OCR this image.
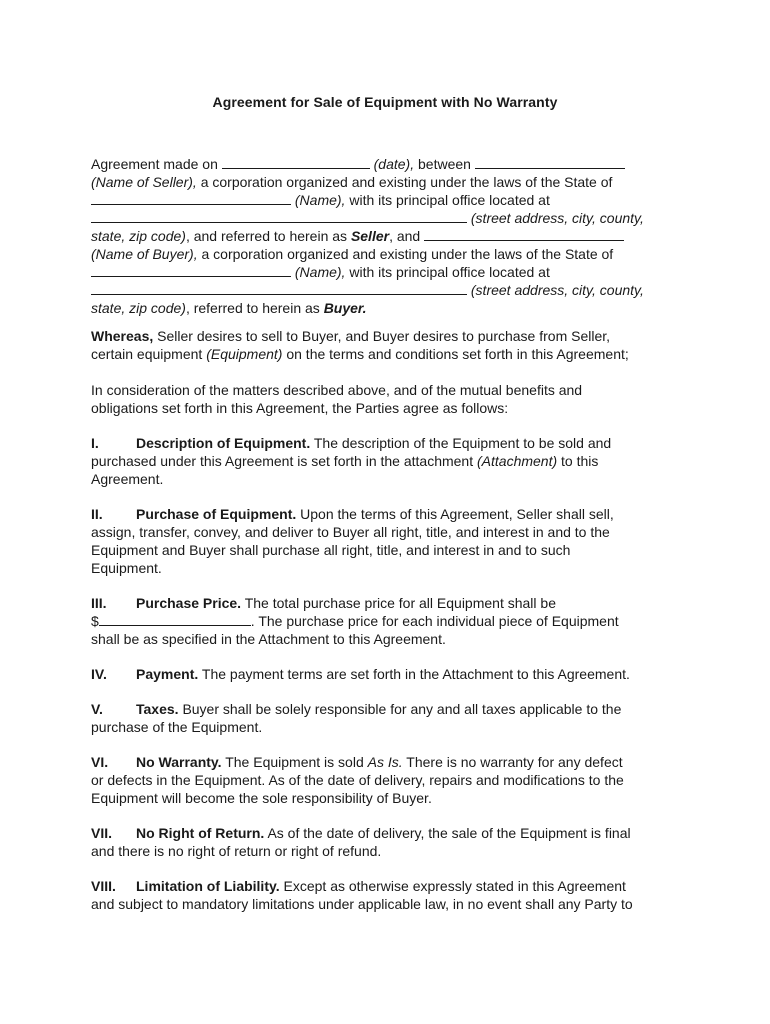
Agreement for Sale of Equipment with No Warranty
Agreement made on	(date), between
(Name of Seller), a corporation organized and existing under the laws of the State of
(Name), with its principal office located at
(street address, city, county,
state, zip code), and referred to herein as Seller, and
(Name of Buyer), a corporation organized and existing under the laws of the State of
(Name), with its principal office located at
(street address, city, county,
state, zip code), referred to herein as Buyer.
Whereas, Seller desires to sell to Buyer, and Buyer desires to purchase from Seller,
certain equipment (Equipment) on the terms and conditions set forth in this Agreement;
In consideration of the matters described above, and of the mutual benefits and
obligations set forth in this Agreement, the Parties agree as follows:
I.	Description of Equipment. The description of the Equipment to be sold and
purchased under this Agreement is set forth in the attachment (Attachment) to this
Agreement.
II. Purchase of Equipment. Upon the terms of this Agreement, Seller shall sell,
assign, transfer, convey, and deliver to Buyer all right, title, and interest in and to the
Equipment and Buyer shall purchase all right, title, and interest in and to such
Equipment.
III. Purchase Price. The total purchase price for all Equipment shall be
$	. The purchase price for each individual piece of Equipment
shall be as specified in the Attachment to this Agreement.
IV. Payment. The payment terms are set forth in the Attachment to this Agreement.
V. Taxes. Buyer shall be solely responsible for any and all taxes applicable to the
purchase of the Equipment.
VI. No Warranty. The Equipment is sold As Is. There is no warranty for any defect
or defects in the Equipment. As of the date of delivery, repairs and modifications to the
Equipment will become the sole responsibility of Buyer.
VII. No Right of Return. As of the date of delivery, the sale of the Equipment is final
and there is no right of return or right of refund.
VIII. Limitation of Liability. Except as otherwise expressly stated in this Agreement
and subject to mandatory limitations under applicable law, in no event shall any Party to
